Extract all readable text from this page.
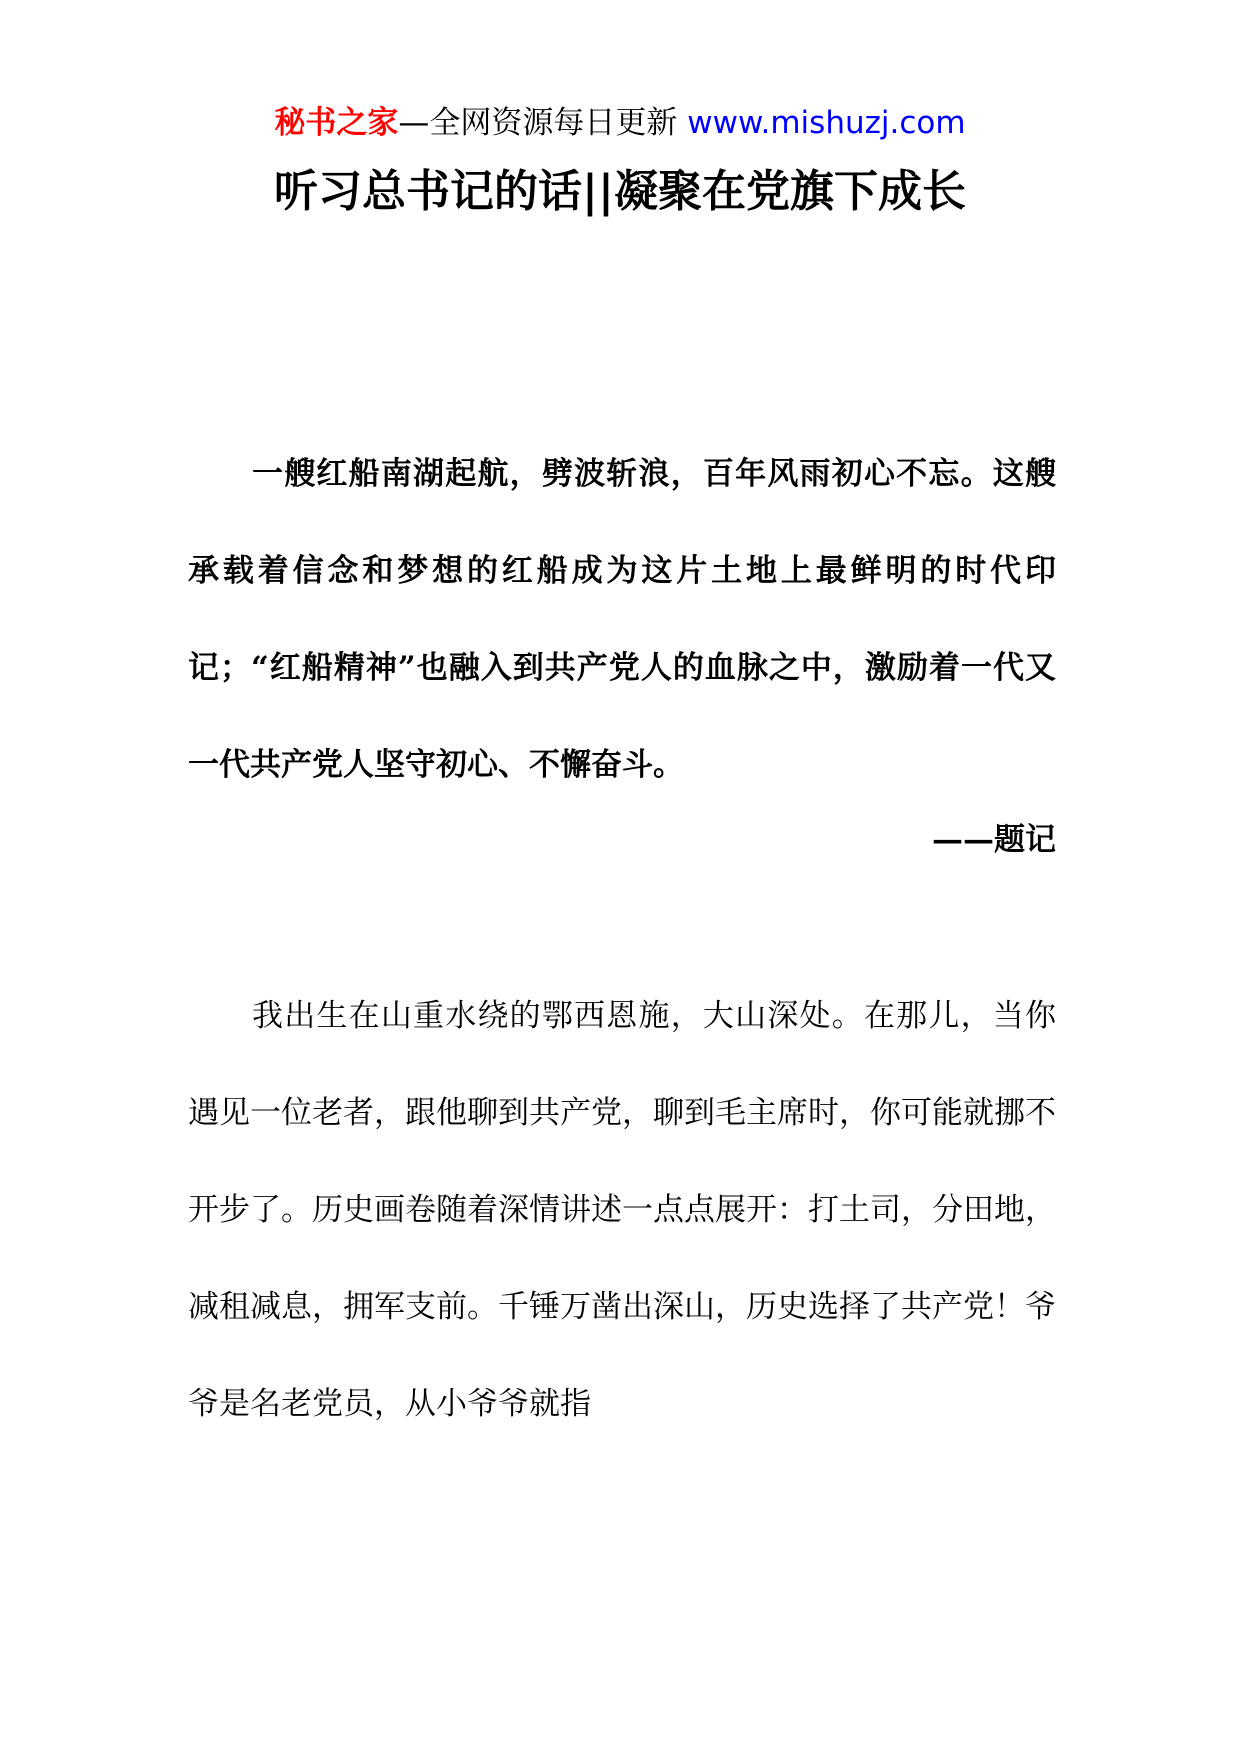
秘书之家—全网资源每日更新 www.mishuzj.com
听习总书记的话||凝聚在党旗下成长

一艘红船南湖起航，劈波斩浪，百年风雨初心不忘。这艘承载着信念和梦想的红船成为这片土地上最鲜明的时代印记；“红船精神”也融入到共产党人的血脉之中，激励着一代又一代共产党人坚守初心、不懈奋斗。

——题记

我出生在山重水绕的鄂西恩施，大山深处。在那儿，当你遇见一位老者，跟他聊到共产党，聊到毛主席时，你可能就挪不开步了。历史画卷随着深情讲述一点点展开：打土司，分田地，减租减息，拥军支前。千锤万凿出深山，历史选择了共产党！爷爷是名老党员，从小爷爷就指
